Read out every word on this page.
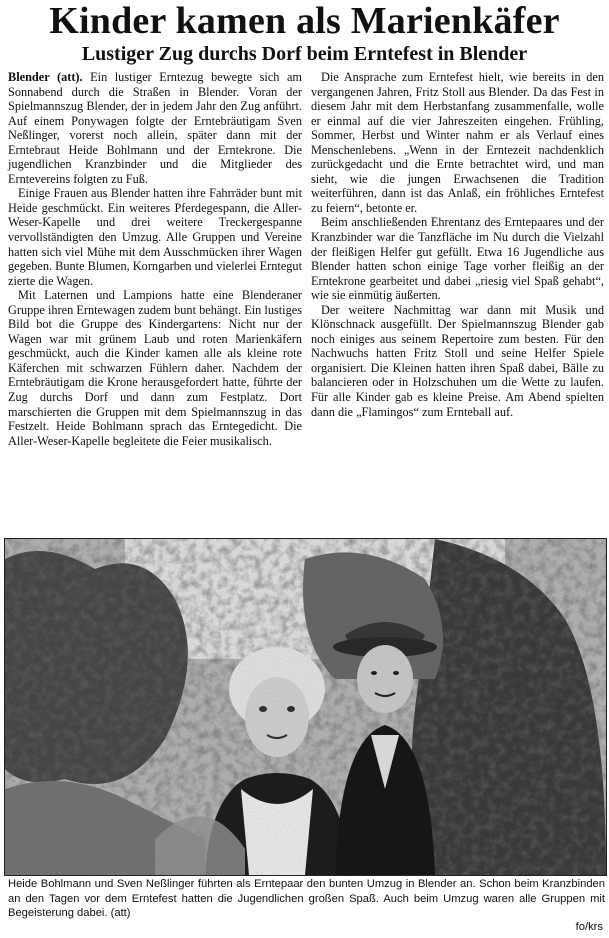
Kinder kamen als Marienkäfer
Lustiger Zug durchs Dorf beim Erntefest in Blender

Blender (att). Ein lustiger Erntezug bewegte sich am Sonnabend durch die Straßen in Blender. Voran der Spielmannszug Blender, der in jedem Jahr den Zug anführt. Auf einem Ponywagen folgte der Erntebräutigam Sven Neßlinger, vorerst noch allein, später dann mit der Erntebraut Heide Bohlmann und der Erntekrone. Die jugendlichen Kranzbinder und die Mitglieder des Erntevereins folgten zu Fuß.

Einige Frauen aus Blender hatten ihre Fahrräder bunt mit Heide geschmückt. Ein weiteres Pferdegespann, die Aller-Weser-Kapelle und drei weitere Treckergespanne vervollständigten den Umzug. Alle Gruppen und Vereine hatten sich viel Mühe mit dem Ausschmücken ihrer Wagen gegeben. Bunte Blumen, Korngarben und vielerlei Erntegut zierte die Wagen.

Mit Laternen und Lampions hatte eine Blenderaner Gruppe ihren Erntewagen zudem bunt behängt. Ein lustiges Bild bot die Gruppe des Kindergartens: Nicht nur der Wagen war mit grünem Laub und roten Marienkäfern geschmückt, auch die Kinder kamen alle als kleine rote Käferchen mit schwarzen Fühlern daher. Nachdem der Erntebräutigam die Krone herausgefordert hatte, führte der Zug durchs Dorf und dann zum Festplatz. Dort marschierten die Gruppen mit dem Spielmannszug in das Festzelt. Heide Bohlmann sprach das Erntegedicht. Die Aller-Weser-Kapelle begleitete die Feier musikalisch.

Die Ansprache zum Erntefest hielt, wie bereits in den vergangenen Jahren, Fritz Stoll aus Blender. Da das Fest in diesem Jahr mit dem Herbstanfang zusammenfalle, wolle er einmal auf die vier Jahreszeiten eingehen. Frühling, Sommer, Herbst und Winter nahm er als Verlauf eines Menschenlebens. „Wenn in der Erntezeit nachdenklich zurückgedacht und die Ernte betrachtet wird, und man sieht, wie die jungen Erwachsenen die Tradition weiterführen, dann ist das Anlaß, ein fröhliches Erntefest zu feiern“, betonte er.

Beim anschließenden Ehrentanz des Erntepaares und der Kranzbinder war die Tanzfläche im Nu durch die Vielzahl der fleißigen Helfer gut gefüllt. Etwa 16 Jugendliche aus Blender hatten schon einige Tage vorher fleißig an der Erntekrone gearbeitet und dabei „riesig viel Spaß gehabt“, wie sie einmütig äußerten.

Der weitere Nachmittag war dann mit Musik und Klönschnack ausgefüllt. Der Spielmannszug Blender gab noch einiges aus seinem Repertoire zum besten. Für den Nachwuchs hatten Fritz Stoll und seine Helfer Spiele organisiert. Die Kleinen hatten ihren Spaß dabei, Bälle zu balancieren oder in Holzschuhen um die Wette zu laufen. Für alle Kinder gab es kleine Preise. Am Abend spielten dann die „Flamingos“ zum Ernteball auf.

Heide Bohlmann und Sven Neßlinger führten als Erntepaar den bunten Umzug in Blender an. Schon beim Kranzbinden an den Tagen vor dem Erntefest hatten die Jugendlichen großen Spaß. Auch beim Umzug waren alle Gruppen mit Begeisterung dabei. (att)

fo/krs
